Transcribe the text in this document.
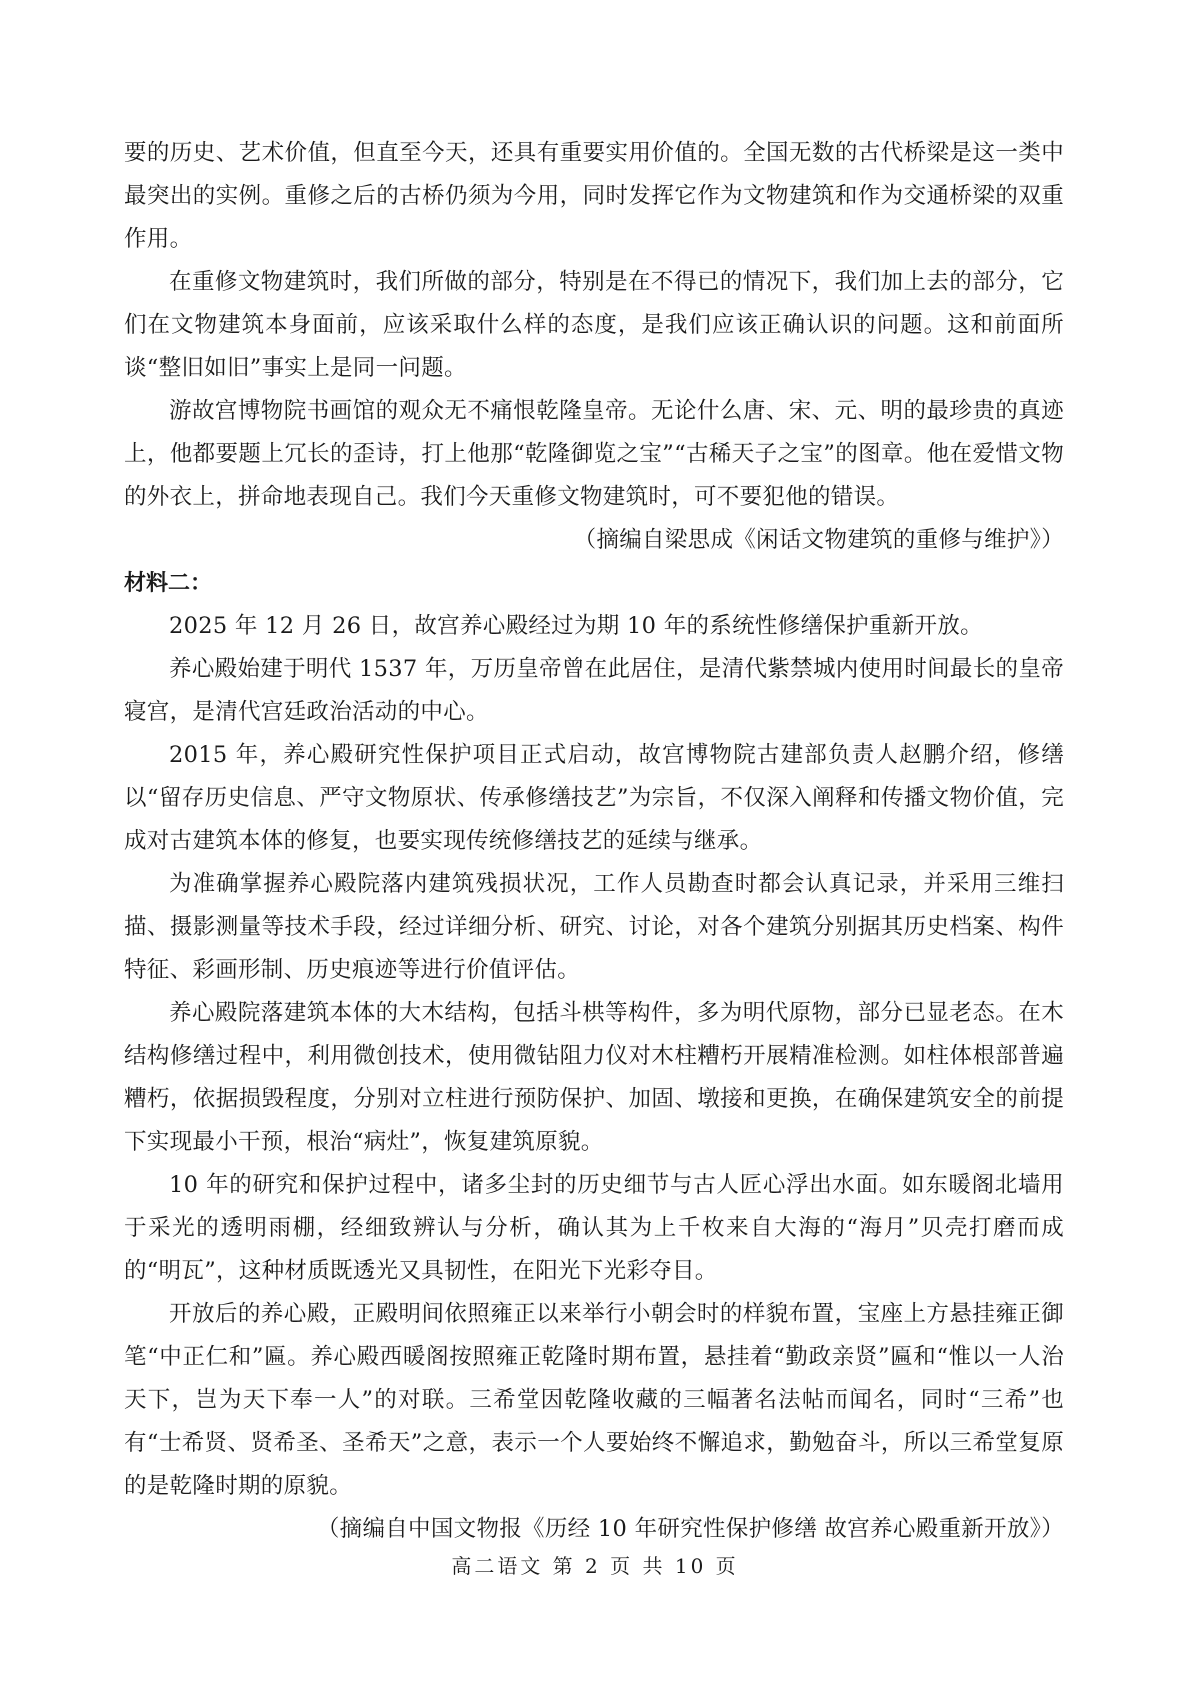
要的历史、艺术价值，但直至今天，还具有重要实用价值的。全国无数的古代桥梁是这一类中最突出的实例。重修之后的古桥仍须为今用，同时发挥它作为文物建筑和作为交通桥梁的双重作用。

在重修文物建筑时，我们所做的部分，特别是在不得已的情况下，我们加上去的部分，它们在文物建筑本身面前，应该采取什么样的态度，是我们应该正确认识的问题。这和前面所谈“整旧如旧”事实上是同一问题。

游故宫博物院书画馆的观众无不痛恨乾隆皇帝。无论什么唐、宋、元、明的最珍贵的真迹上，他都要题上冗长的歪诗，打上他那“乾隆御览之宝”“古稀天子之宝”的图章。他在爱惜文物的外衣上，拼命地表现自己。我们今天重修文物建筑时，可不要犯他的错误。

（摘编自梁思成《闲话文物建筑的重修与维护》）

材料二：

2025 年 12 月 26 日，故宫养心殿经过为期 10 年的系统性修缮保护重新开放。

养心殿始建于明代 1537 年，万历皇帝曾在此居住，是清代紫禁城内使用时间最长的皇帝寝宫，是清代宫廷政治活动的中心。

2015 年，养心殿研究性保护项目正式启动，故宫博物院古建部负责人赵鹏介绍，修缮以“留存历史信息、严守文物原状、传承修缮技艺”为宗旨，不仅深入阐释和传播文物价值，完成对古建筑本体的修复，也要实现传统修缮技艺的延续与继承。

为准确掌握养心殿院落内建筑残损状况，工作人员勘查时都会认真记录，并采用三维扫描、摄影测量等技术手段，经过详细分析、研究、讨论，对各个建筑分别据其历史档案、构件特征、彩画形制、历史痕迹等进行价值评估。

养心殿院落建筑本体的大木结构，包括斗栱等构件，多为明代原物，部分已显老态。在木结构修缮过程中，利用微创技术，使用微钻阻力仪对木柱糟朽开展精准检测。如柱体根部普遍糟朽，依据损毁程度，分别对立柱进行预防保护、加固、墩接和更换，在确保建筑安全的前提下实现最小干预，根治“病灶”，恢复建筑原貌。

10 年的研究和保护过程中，诸多尘封的历史细节与古人匠心浮出水面。如东暖阁北墙用于采光的透明雨棚，经细致辨认与分析，确认其为上千枚来自大海的“海月”贝壳打磨而成的“明瓦”，这种材质既透光又具韧性，在阳光下光彩夺目。

开放后的养心殿，正殿明间依照雍正以来举行小朝会时的样貌布置，宝座上方悬挂雍正御笔“中正仁和”匾。养心殿西暖阁按照雍正乾隆时期布置，悬挂着“勤政亲贤”匾和“惟以一人治天下，岂为天下奉一人”的对联。三希堂因乾隆收藏的三幅著名法帖而闻名，同时“三希”也有“士希贤、贤希圣、圣希天”之意，表示一个人要始终不懈追求，勤勉奋斗，所以三希堂复原的是乾隆时期的原貌。

（摘编自中国文物报《历经 10 年研究性保护修缮 故宫养心殿重新开放》）

高二语文 第 2 页 共 10 页
